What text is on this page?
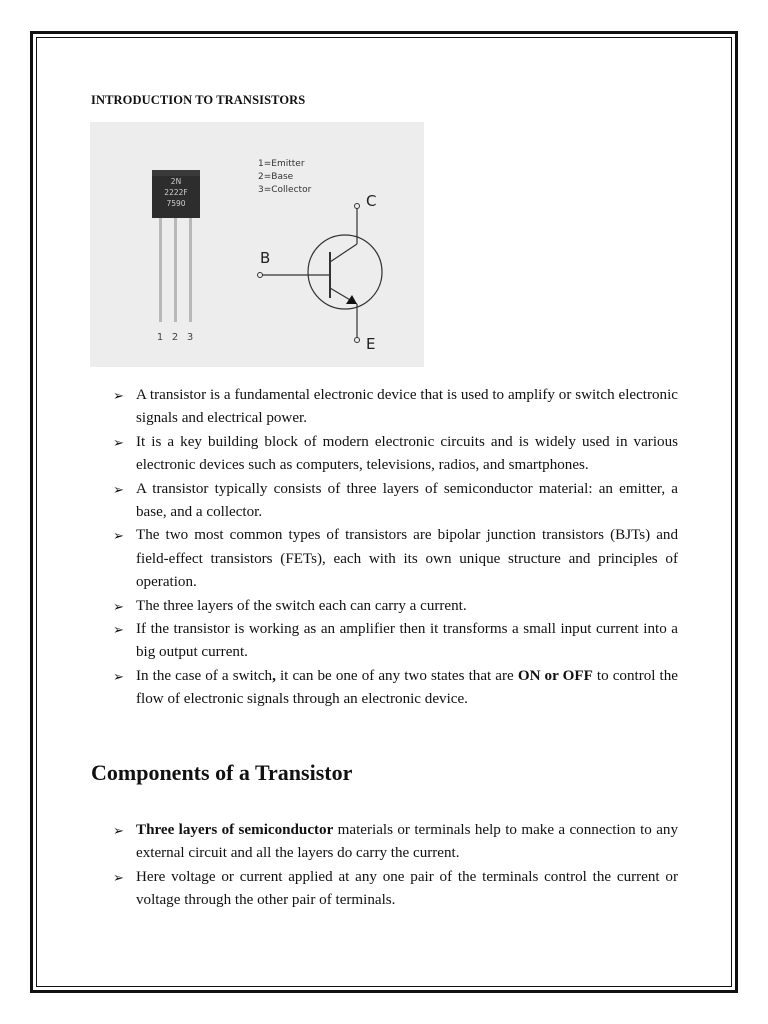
INTRODUCTION TO TRANSISTORS
2N
2222F
7590
1 2 3
1=Emitter
2=Base
3=Collector
C
B
E
➢ A transistor is a fundamental electronic device that is used to amplify or switch electronic signals and electrical power.
➢ It is a key building block of modern electronic circuits and is widely used in various electronic devices such as computers, televisions, radios, and smartphones.
➢ A transistor typically consists of three layers of semiconductor material: an emitter, a base, and a collector.
➢ The two most common types of transistors are bipolar junction transistors (BJTs) and field-effect transistors (FETs), each with its own unique structure and principles of operation.
➢ The three layers of the switch each can carry a current.
➢ If the transistor is working as an amplifier then it transforms a small input current into a big output current.
➢ In the case of a switch, it can be one of any two states that are ON or OFF to control the flow of electronic signals through an electronic device.
Components of a Transistor
➢ Three layers of semiconductor materials or terminals help to make a connection to any external circuit and all the layers do carry the current.
➢ Here voltage or current applied at any one pair of the terminals control the current or voltage through the other pair of terminals.
